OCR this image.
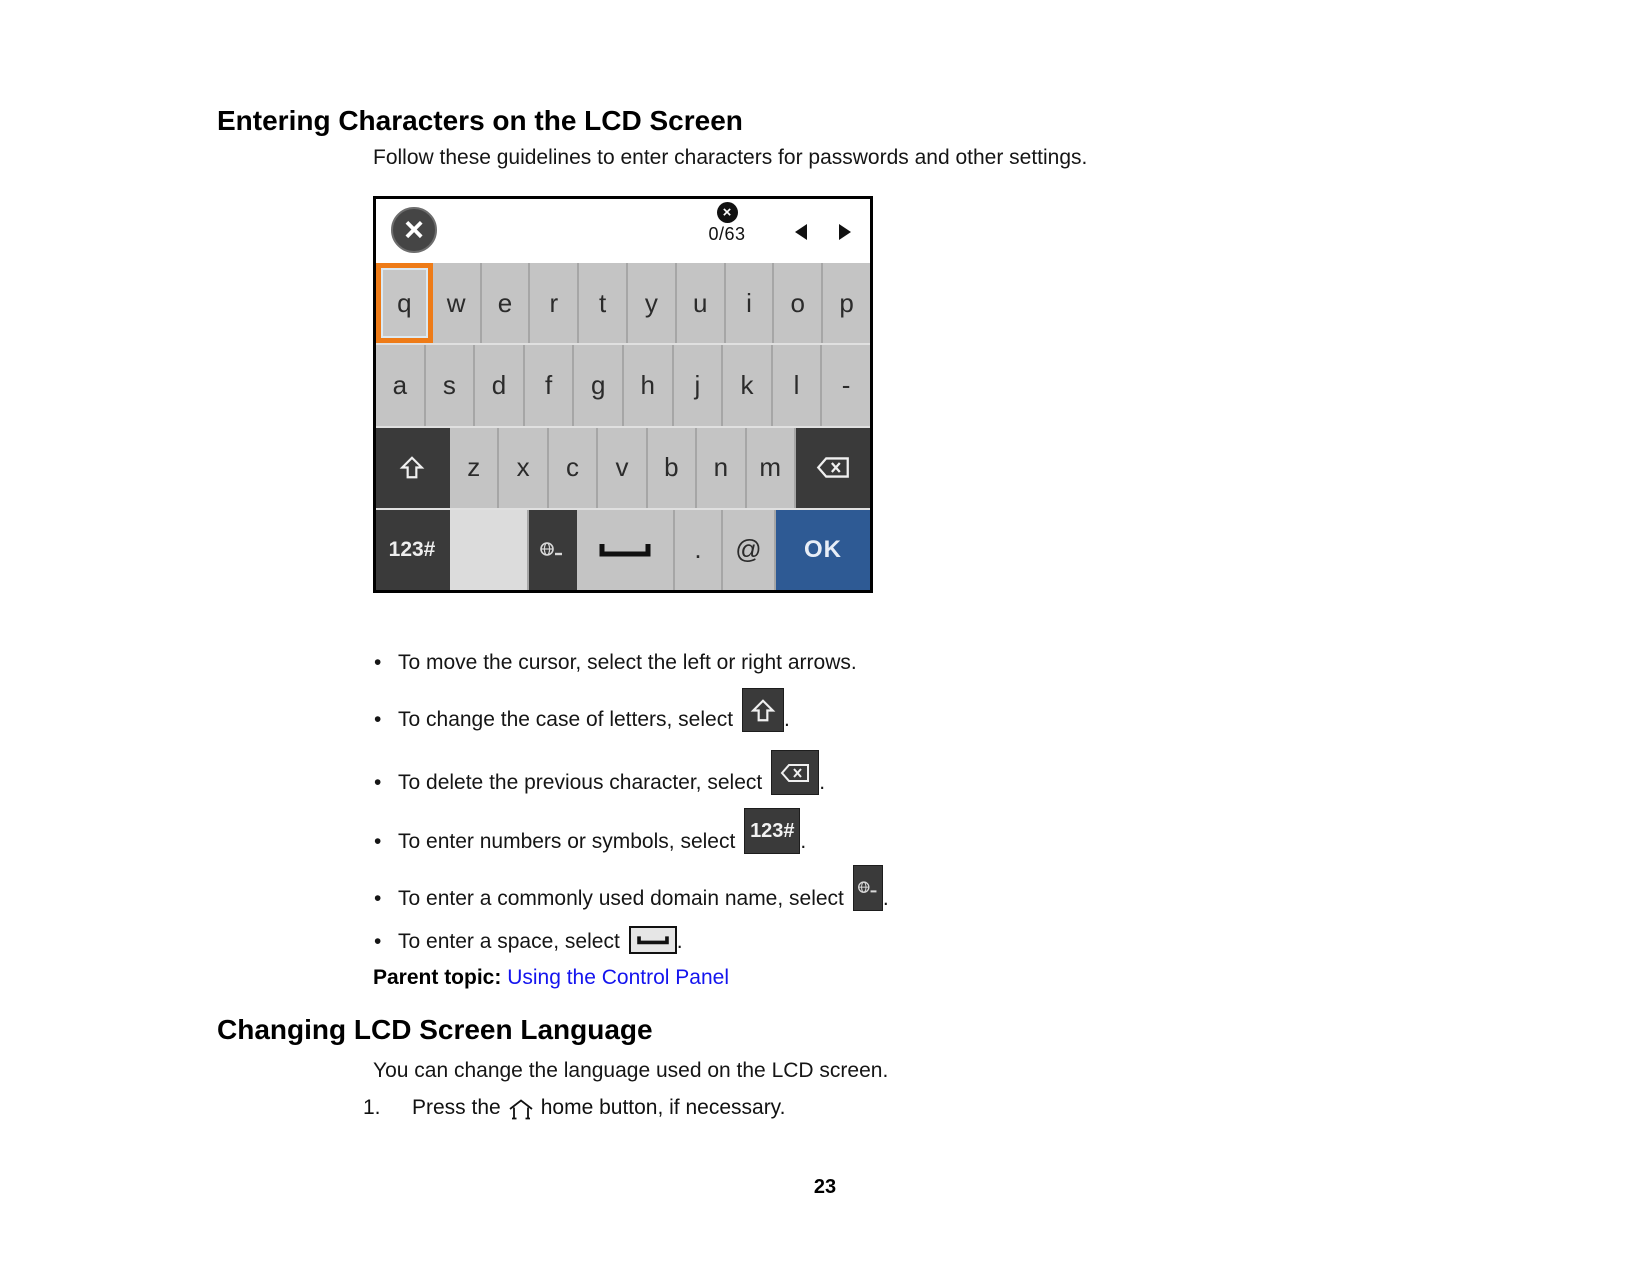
Entering Characters on the LCD Screen
Follow these guidelines to enter characters for passwords and other settings.
×	×
0/63
q	w	e	r	t	y	u	i	o	p
a	s	d	f	g	h	j	k	l	-
z	x	c	v	b	n	m
123#	.	@	OK
• To move the cursor, select the left or right arrows.
• To change the case of letters, select .
• To delete the previous character, select	.
• To enter numbers or symbols, select 123# .
• To enter a commonly used domain name, select .
• To enter a space, select	.
Parent topic: Using the Control Panel
Changing LCD Screen Language
You can change the language used on the LCD screen.
1.	Press the home button, if necessary.
23
